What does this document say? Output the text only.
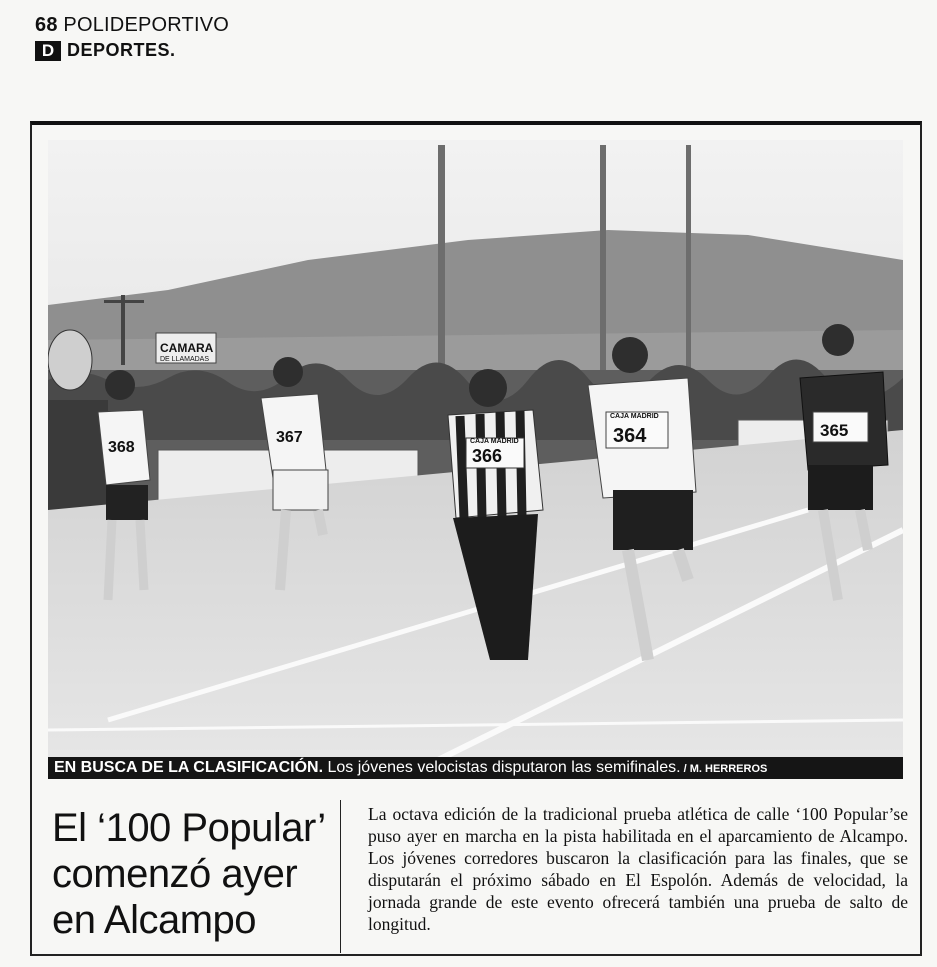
68 POLIDEPORTIVO
D DEPORTES .
CAMARA
DE LLAMADAS
368
367
366
CAJA MADRID	364
CAJA MADRID
365
EN BUSCA DE LA CLASIFICACIÓN. Los jóvenes velocistas disputaron las semifinales. / M. HERREROS
El ‘100 Popular’
comenzó ayer
en Alcampo
La octava edición de la tradicional prueba atlética de calle ‘100 Popular’se puso ayer en marcha en la pista habilitada en el aparcamiento de Alcampo. Los jóvenes corredores buscaron la clasificación para las finales, que se disputarán el próximo sábado en El Espolón. Además de velocidad, la jornada grande de este evento ofrecerá también una prueba de salto de longitud.
